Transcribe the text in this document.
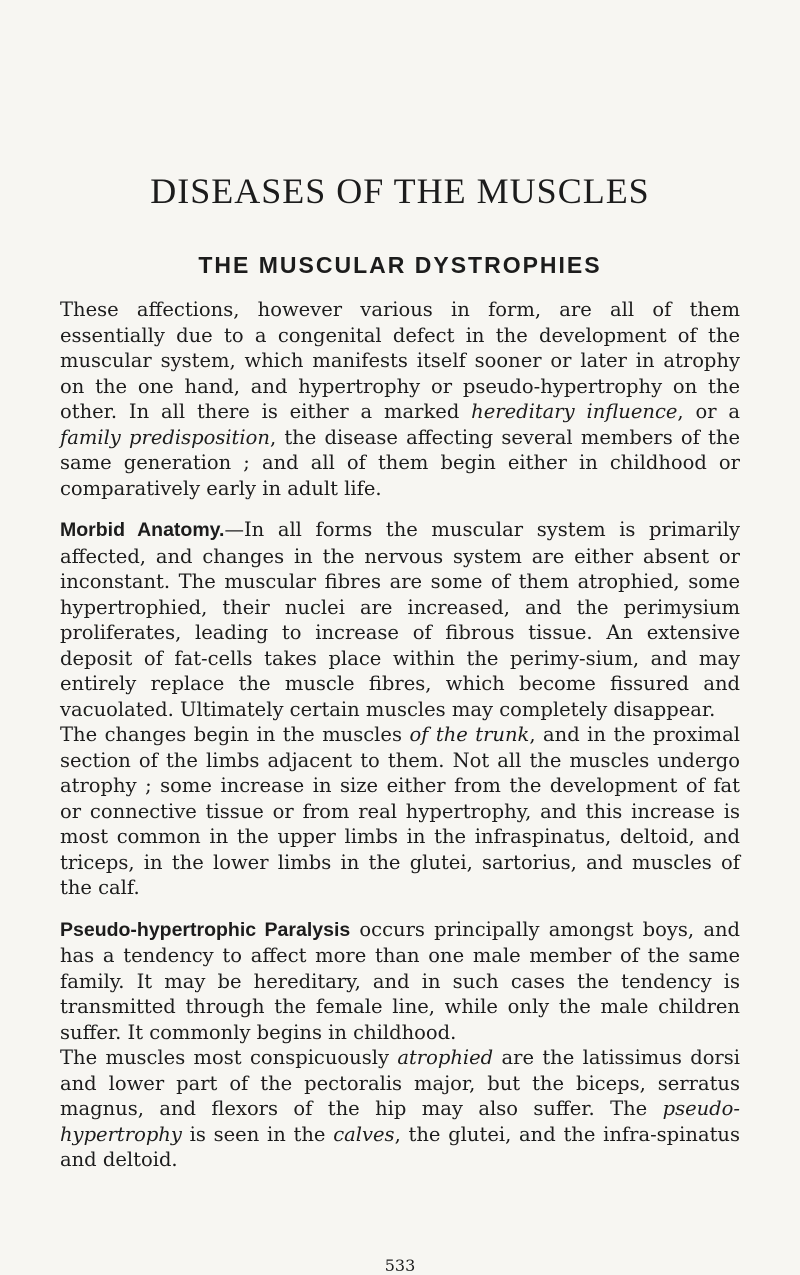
DISEASES OF THE MUSCLES
THE MUSCULAR DYSTROPHIES

These affections, however various in form, are all of them essentially due to a congenital defect in the development of the muscular system, which manifests itself sooner or later in atrophy on the one hand, and hypertrophy or pseudo-hypertrophy on the other. In all there is either a marked hereditary influence, or a family predisposition, the disease affecting several members of the same generation ; and all of them begin either in childhood or comparatively early in adult life.

Morbid Anatomy.—In all forms the muscular system is primarily affected, and changes in the nervous system are either absent or inconstant. The muscular fibres are some of them atrophied, some hypertrophied, their nuclei are increased, and the perimysium proliferates, leading to increase of fibrous tissue. An extensive deposit of fat-cells takes place within the perimy-sium, and may entirely replace the muscle fibres, which become fissured and vacuolated. Ultimately certain muscles may completely disappear.

The changes begin in the muscles of the trunk, and in the proximal section of the limbs adjacent to them. Not all the muscles undergo atrophy ; some increase in size either from the development of fat or connective tissue or from real hypertrophy, and this increase is most common in the upper limbs in the infraspinatus, deltoid, and triceps, in the lower limbs in the glutei, sartorius, and muscles of the calf.

Pseudo-hypertrophic Paralysis occurs principally amongst boys, and has a tendency to affect more than one male member of the same family. It may be hereditary, and in such cases the tendency is transmitted through the female line, while only the male children suffer. It commonly begins in childhood.

The muscles most conspicuously atrophied are the latissimus dorsi and lower part of the pectoralis major, but the biceps, serratus magnus, and flexors of the hip may also suffer. The pseudo-hypertrophy is seen in the calves, the glutei, and the infra-spinatus and deltoid.

533
